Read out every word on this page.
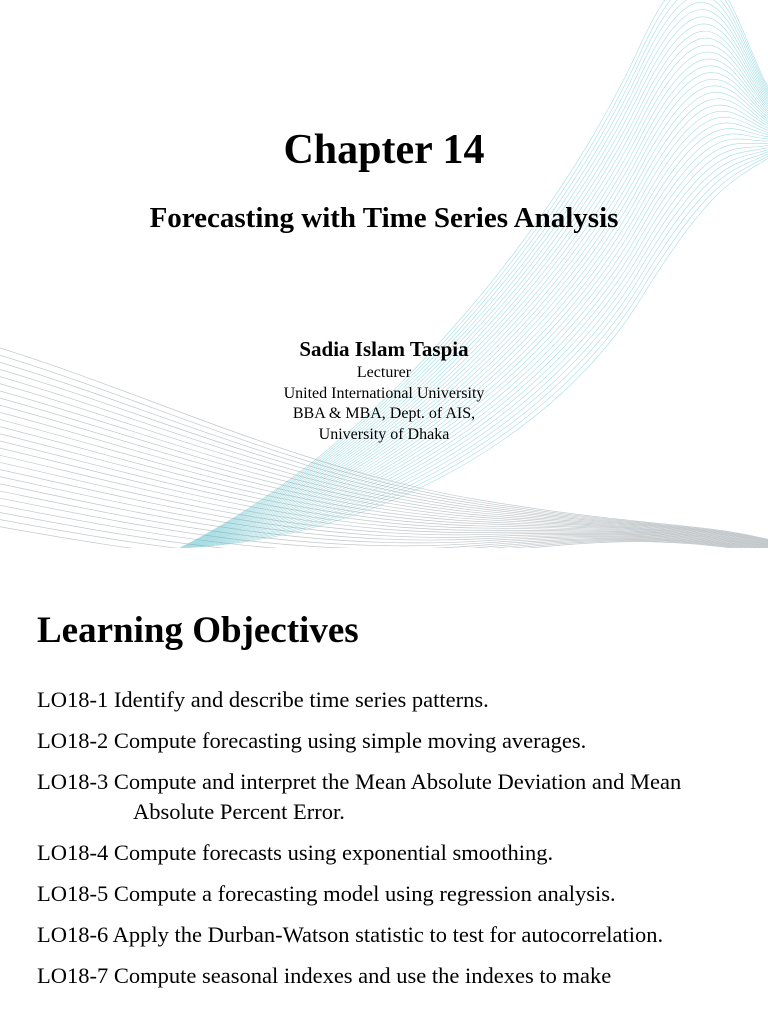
Chapter 14
Forecasting with Time Series Analysis
Sadia Islam Taspia
Lecturer
United International University
BBA & MBA, Dept. of AIS,
University of Dhaka
Learning Objectives
LO18-1 Identify and describe time series patterns.
LO18-2 Compute forecasting using simple moving averages.
LO18-3 Compute and interpret the Mean Absolute Deviation and Mean Absolute Percent Error.
LO18-4 Compute forecasts using exponential smoothing.
LO18-5 Compute a forecasting model using regression analysis.
LO18-6 Apply the Durban-Watson statistic to test for autocorrelation.
LO18-7 Compute seasonal indexes and use the indexes to make
